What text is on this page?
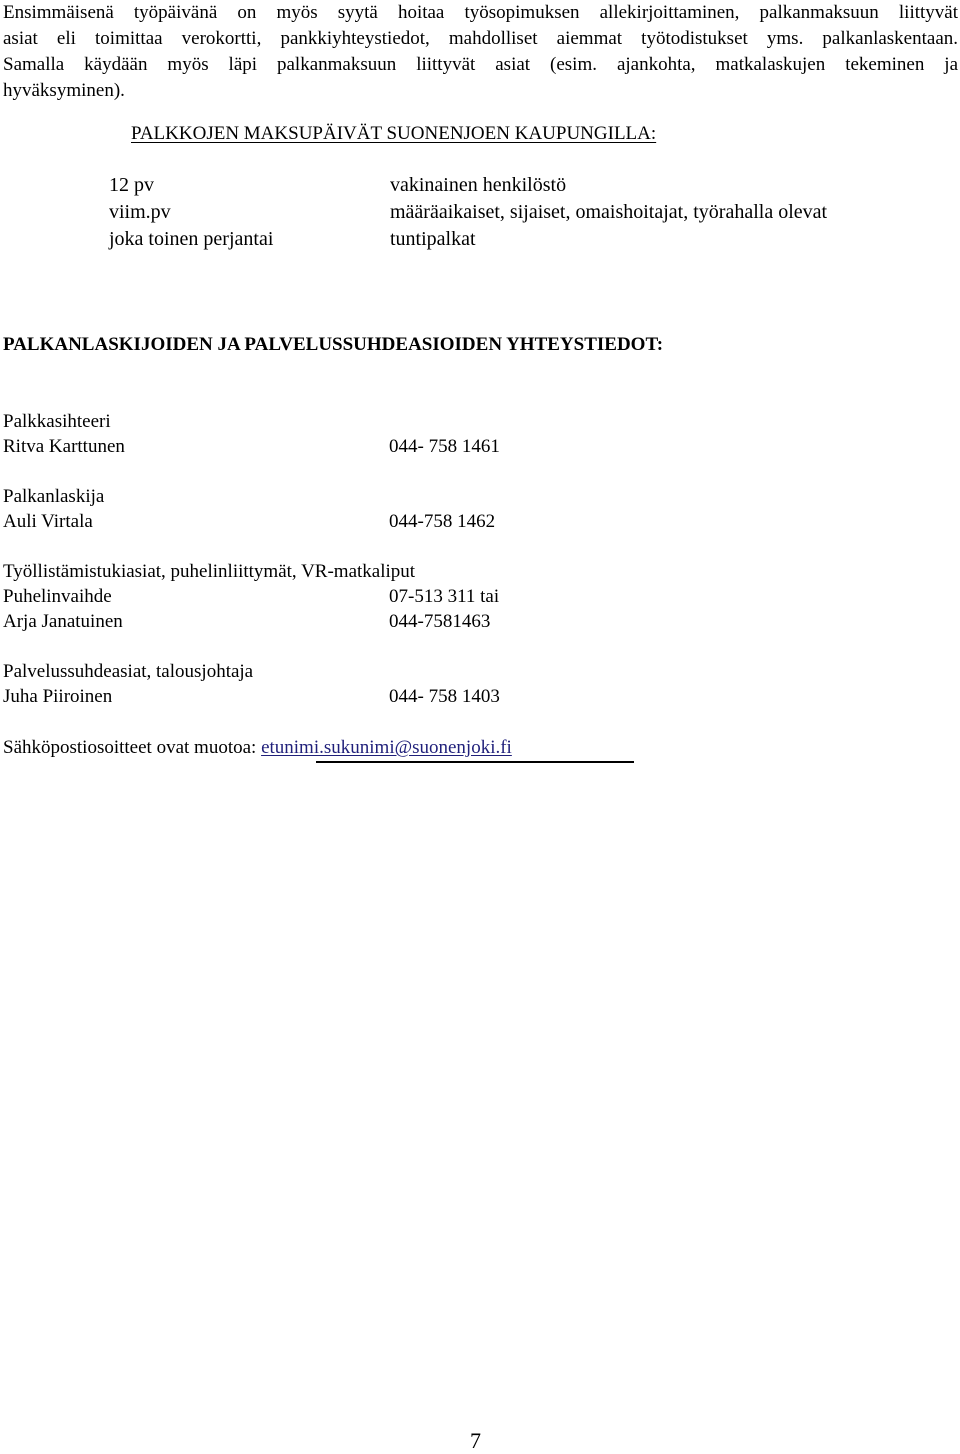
Ensimmäisenä työpäivänä on myös syytä hoitaa työsopimuksen allekirjoittaminen, palkanmaksuun liittyvät
asiat eli toimittaa verokortti, pankkiyhteystiedot, mahdolliset aiemmat työtodistukset yms. palkanlaskentaan.
Samalla käydään myös läpi palkanmaksuun liittyvät asiat (esim. ajankohta, matkalaskujen tekeminen ja
hyväksyminen).
PALKKOJEN MAKSUPÄIVÄT SUONENJOEN KAUPUNGILLA:
12 pv	vakinainen henkilöstö
viim.pv	määräaikaiset, sijaiset, omaishoitajat, työrahalla olevat
joka toinen perjantai	tuntipalkat
PALKANLASKIJOIDEN JA PALVELUSSUHDEASIOIDEN YHTEYSTIEDOT:
Palkkasihteeri
Ritva Karttunen	044- 758 1461
Palkanlaskija
Auli Virtala	044-758 1462
Työllistämistukiasiat, puhelinliittymät, VR-matkaliput
Puhelinvaihde	07-513 311 tai
Arja Janatuinen	044-7581463
Palvelussuhdeasiat, talousjohtaja
Juha Piiroinen	044- 758 1403
Sähköpostiosoitteet ovat muotoa: etunimi.sukunimi@suonenjoki.fi
7
